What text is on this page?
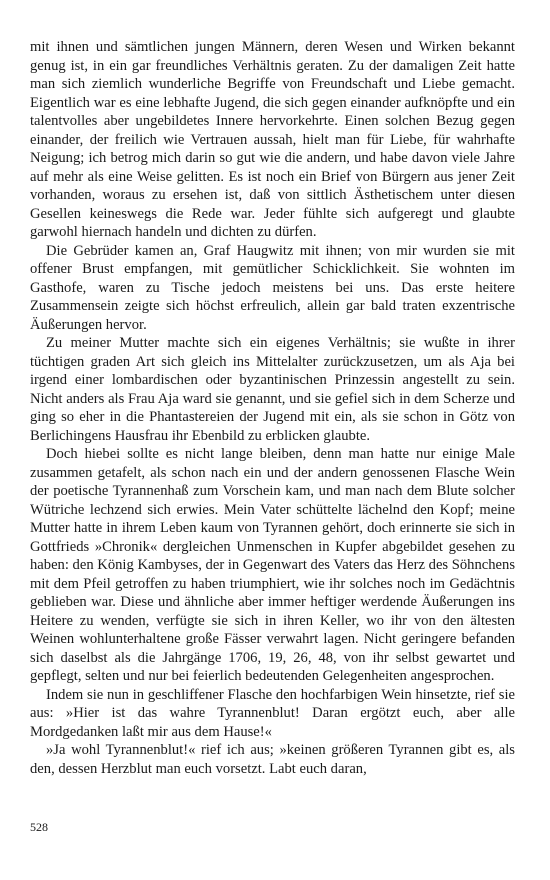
mit ihnen und sämtlichen jungen Männern, deren Wesen und Wirken bekannt genug ist, in ein gar freundliches Verhältnis geraten. Zu der damaligen Zeit hatte man sich ziemlich wunderliche Begriffe von Freundschaft und Liebe gemacht. Eigentlich war es eine lebhafte Jugend, die sich gegen einander aufknöpfte und ein talentvolles aber ungebildetes Innere hervorkehrte. Einen solchen Bezug gegen einander, der freilich wie Vertrauen aussah, hielt man für Liebe, für wahrhafte Neigung; ich betrog mich darin so gut wie die andern, und habe davon viele Jahre auf mehr als eine Weise gelitten. Es ist noch ein Brief von Bürgern aus jener Zeit vorhanden, woraus zu ersehen ist, daß von sittlich Ästhetischem unter diesen Gesellen keineswegs die Rede war. Jeder fühlte sich aufgeregt und glaubte garwohl hiernach handeln und dichten zu dürfen.

Die Gebrüder kamen an, Graf Haugwitz mit ihnen; von mir wurden sie mit offener Brust empfangen, mit gemütlicher Schicklichkeit. Sie wohnten im Gasthofe, waren zu Tische jedoch meistens bei uns. Das erste heitere Zusammensein zeigte sich höchst erfreulich, allein gar bald traten exzentrische Äußerungen hervor.

Zu meiner Mutter machte sich ein eigenes Verhältnis; sie wußte in ihrer tüchtigen graden Art sich gleich ins Mittelalter zurückzusetzen, um als Aja bei irgend einer lombardischen oder byzantinischen Prinzessin angestellt zu sein. Nicht anders als Frau Aja ward sie genannt, und sie gefiel sich in dem Scherze und ging so eher in die Phantastereien der Jugend mit ein, als sie schon in Götz von Berlichingens Hausfrau ihr Ebenbild zu erblicken glaubte.

Doch hiebei sollte es nicht lange bleiben, denn man hatte nur einige Male zusammen getafelt, als schon nach ein und der andern genossenen Flasche Wein der poetische Tyrannenhaß zum Vorschein kam, und man nach dem Blute solcher Wütriche lechzend sich erwies. Mein Vater schüttelte lächelnd den Kopf; meine Mutter hatte in ihrem Leben kaum von Tyrannen gehört, doch erinnerte sie sich in Gottfrieds »Chronik« dergleichen Unmenschen in Kupfer abgebildet gesehen zu haben: den König Kambyses, der in Gegenwart des Vaters das Herz des Söhnchens mit dem Pfeil getroffen zu haben triumphiert, wie ihr solches noch im Gedächtnis geblieben war. Diese und ähnliche aber immer heftiger werdende Äußerungen ins Heitere zu wenden, verfügte sie sich in ihren Keller, wo ihr von den ältesten Weinen wohlunterhaltene große Fässer verwahrt lagen. Nicht geringere befanden sich daselbst als die Jahrgänge 1706, 19, 26, 48, von ihr selbst gewartet und gepflegt, selten und nur bei feierlich bedeutenden Gelegenheiten angesprochen.

Indem sie nun in geschliffener Flasche den hochfarbigen Wein hinsetzte, rief sie aus: »Hier ist das wahre Tyrannenblut! Daran ergötzt euch, aber alle Mordgedanken laßt mir aus dem Hause!«

»Ja wohl Tyrannenblut!« rief ich aus; »keinen größeren Tyrannen gibt es, als den, dessen Herzblut man euch vorsetzt. Labt euch daran,

528
